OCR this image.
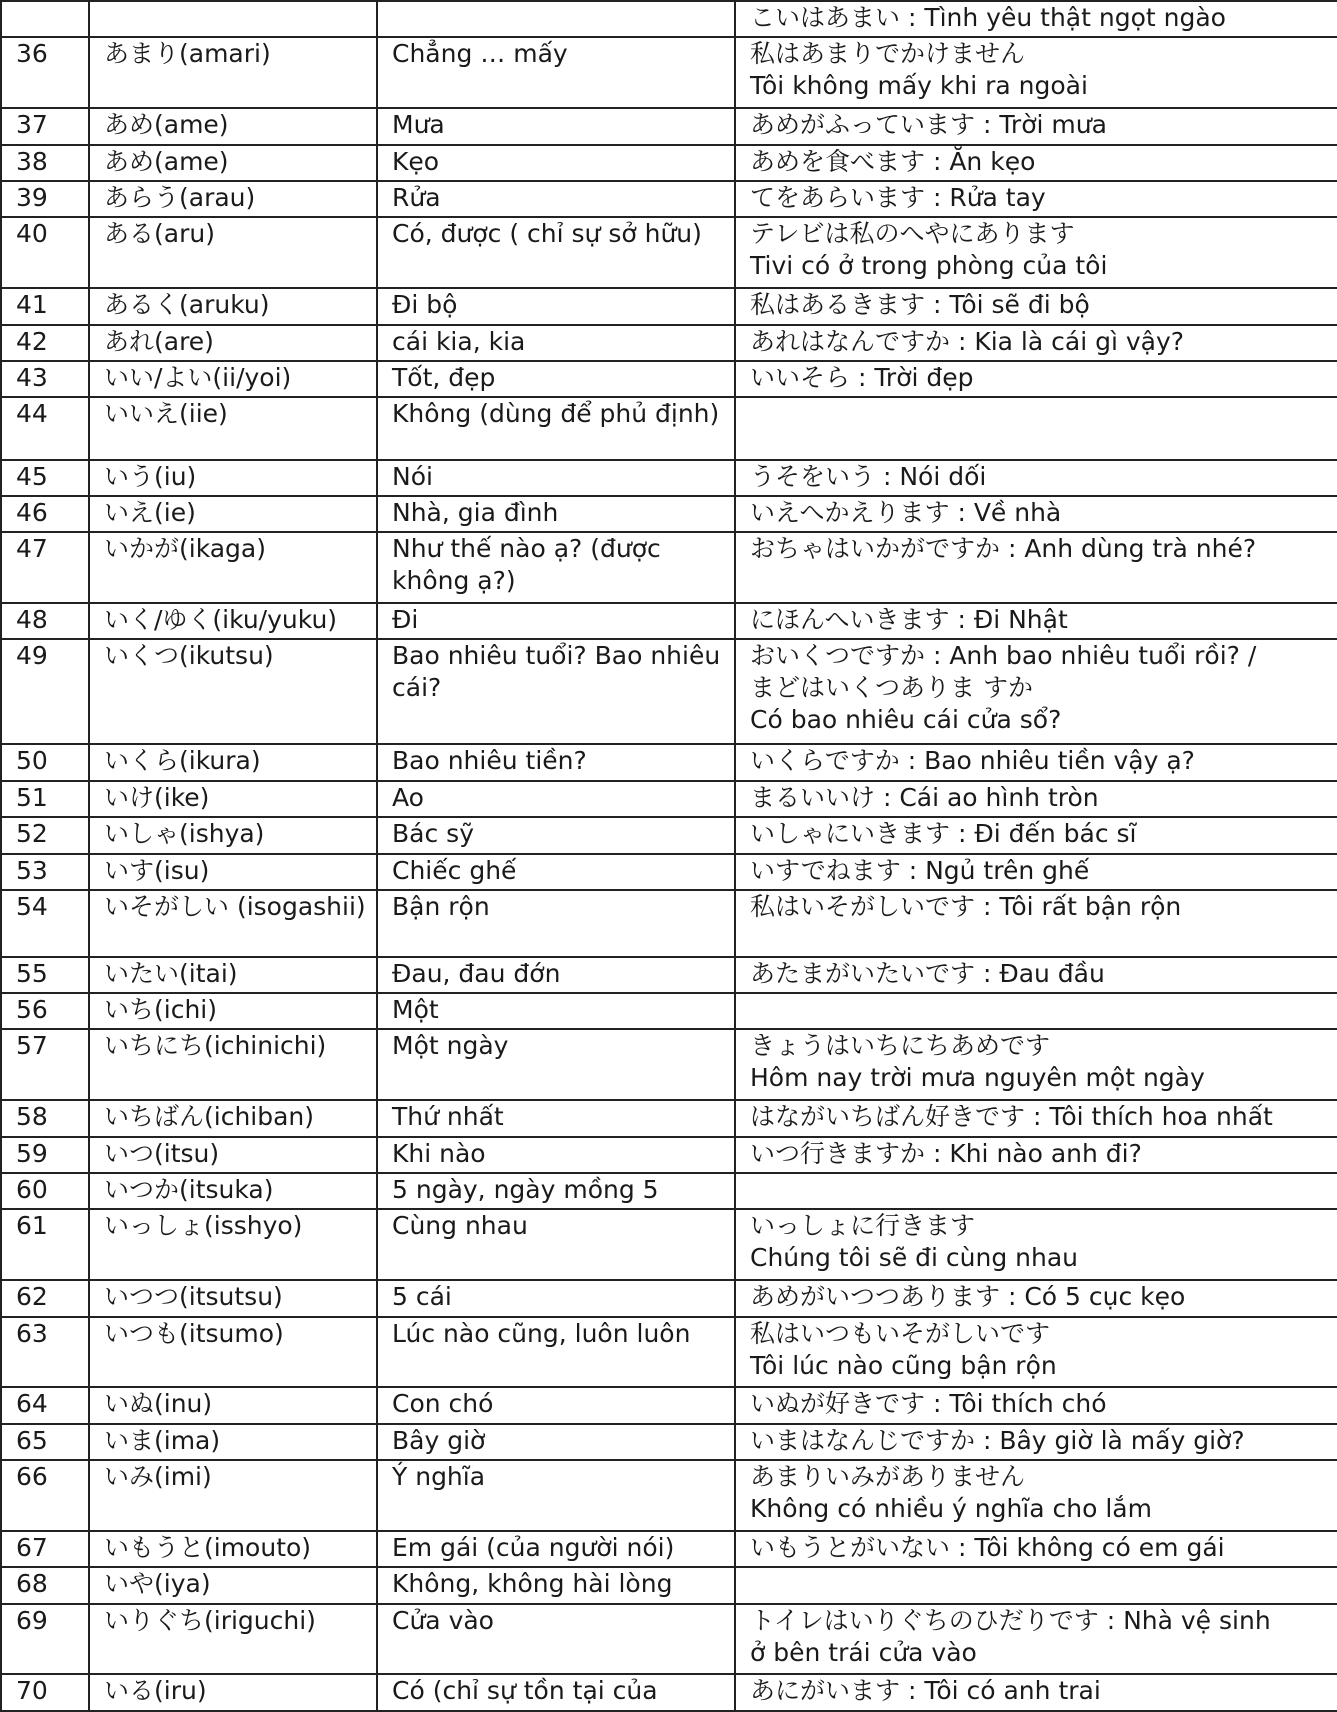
			こいはあまい : Tình yêu thật ngọt ngào

36	あまり(amari)	Chẳng … mấy	私はあまりでかけません
Tôi không mấy khi ra ngoài

37	あめ(ame)	Mưa	あめがふっています : Trời mưa

38	あめ(ame)	Kẹo	あめを食べます : Ăn kẹo

39	あらう(arau)	Rửa	てをあらいます : Rửa tay

40	ある(aru)	Có, được ( chỉ sự sở hữu)	テレビは私のへやにあります
Tivi có ở trong phòng của tôi

41	あるく(aruku)	Đi bộ	私はあるきます : Tôi sẽ đi bộ

42	あれ(are)	cái kia, kia	あれはなんですか : Kia là cái gì vậy?

43	いい/よい(ii/yoi)	Tốt, đẹp	いいそら : Trời đẹp

44	いいえ(iie)	Không (dùng để phủ định)	

45	いう(iu)	Nói	うそをいう : Nói dối

46	いえ(ie)	Nhà, gia đình	いえへかえります : Về nhà

47	いかが(ikaga)	Như thế nào ạ? (được không ạ?)	おちゃはいかがですか : Anh dùng trà nhé?

48	いく/ゆく(iku/yuku)	Đi	にほんへいきます : Đi Nhật

49	いくつ(ikutsu)	Bao nhiêu tuổi? Bao nhiêu cái?	おいくつですか : Anh bao nhiêu tuổi rồi? /
まどはいくつありま すか
Có bao nhiêu cái cửa sổ?

50	いくら(ikura)	Bao nhiêu tiền?	いくらですか : Bao nhiêu tiền vậy ạ?

51	いけ(ike)	Ao	まるいいけ : Cái ao hình tròn

52	いしゃ(ishya)	Bác sỹ	いしゃにいきます : Đi đến bác sĩ

53	いす(isu)	Chiếc ghế	いすでねます : Ngủ trên ghế

54	いそがしい (isogashii)	Bận rộn	私はいそがしいです : Tôi rất bận rộn

55	いたい(itai)	Đau, đau đớn	あたまがいたいです : Đau đầu

56	いち(ichi)	Một	

57	いちにち(ichinichi)	Một ngày	きょうはいちにちあめです
Hôm nay trời mưa nguyên một ngày

58	いちばん(ichiban)	Thứ nhất	はながいちばん好きです : Tôi thích hoa nhất

59	いつ(itsu)	Khi nào	いつ行きますか : Khi nào anh đi?

60	いつか(itsuka)	5 ngày, ngày mồng 5	

61	いっしょ(isshyo)	Cùng nhau	いっしょに行きます
Chúng tôi sẽ đi cùng nhau

62	いつつ(itsutsu)	5 cái	あめがいつつあります : Có 5 cục kẹo

63	いつも(itsumo)	Lúc nào cũng, luôn luôn	私はいつもいそがしいです
Tôi lúc nào cũng bận rộn

64	いぬ(inu)	Con chó	いぬが好きです : Tôi thích chó

65	いま(ima)	Bây giờ	いまはなんじですか : Bây giờ là mấy giờ?

66	いみ(imi)	Ý nghĩa	あまりいみがありません
Không có nhiều ý nghĩa cho lắm

67	いもうと(imouto)	Em gái (của người nói)	いもうとがいない : Tôi không có em gái

68	いや(iya)	Không, không hài lòng	

69	いりぐち(iriguchi)	Cửa vào	トイレはいりぐちのひだりです : Nhà vệ sinh
ở bên trái cửa vào

70	いる(iru)	Có (chỉ sự tồn tại của	あにがいます : Tôi có anh trai
